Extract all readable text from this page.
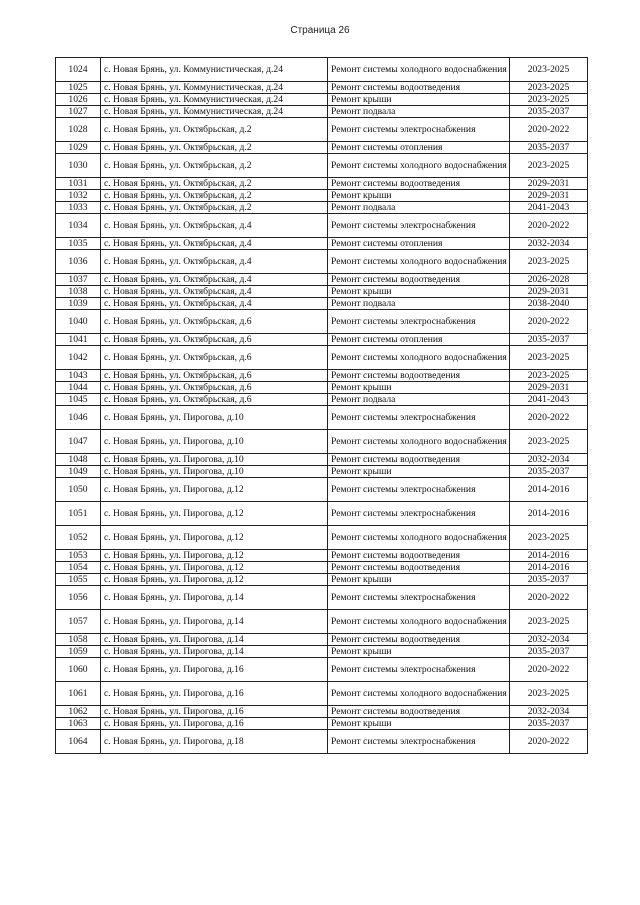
Страница 26
1024	с. Новая Брянь, ул. Коммунистическая, д.24	Ремонт системы холодного водоснабжения	2023-2025
1025	с. Новая Брянь, ул. Коммунистическая, д.24	Ремонт системы водоотведения	2023-2025
1026	с. Новая Брянь, ул. Коммунистическая, д.24	Ремонт крыши	2023-2025
1027	с. Новая Брянь, ул. Коммунистическая, д.24	Ремонт подвала	2035-2037
1028	с. Новая Брянь, ул. Октябрьская, д.2	Ремонт системы электроснабжения	2020-2022
1029	с. Новая Брянь, ул. Октябрьская, д.2	Ремонт системы отопления	2035-2037
1030	с. Новая Брянь, ул. Октябрьская, д.2	Ремонт системы холодного водоснабжения	2023-2025
1031	с. Новая Брянь, ул. Октябрьская, д.2	Ремонт системы водоотведения	2029-2031
1032	с. Новая Брянь, ул. Октябрьская, д.2	Ремонт крыши	2029-2031
1033	с. Новая Брянь, ул. Октябрьская, д.2	Ремонт подвала	2041-2043
1034	с. Новая Брянь, ул. Октябрьская, д.4	Ремонт системы электроснабжения	2020-2022
1035	с. Новая Брянь, ул. Октябрьская, д.4	Ремонт системы отопления	2032-2034
1036	с. Новая Брянь, ул. Октябрьская, д.4	Ремонт системы холодного водоснабжения	2023-2025
1037	с. Новая Брянь, ул. Октябрьская, д.4	Ремонт системы водоотведения	2026-2028
1038	с. Новая Брянь, ул. Октябрьская, д.4	Ремонт крыши	2029-2031
1039	с. Новая Брянь, ул. Октябрьская, д.4	Ремонт подвала	2038-2040
1040	с. Новая Брянь, ул. Октябрьская, д.6	Ремонт системы электроснабжения	2020-2022
1041	с. Новая Брянь, ул. Октябрьская, д.6	Ремонт системы отопления	2035-2037
1042	с. Новая Брянь, ул. Октябрьская, д.6	Ремонт системы холодного водоснабжения	2023-2025
1043	с. Новая Брянь, ул. Октябрьская, д.6	Ремонт системы водоотведения	2023-2025
1044	с. Новая Брянь, ул. Октябрьская, д.6	Ремонт крыши	2029-2031
1045	с. Новая Брянь, ул. Октябрьская, д.6	Ремонт подвала	2041-2043
1046	с. Новая Брянь, ул. Пирогова, д.10	Ремонт системы электроснабжения	2020-2022
1047	с. Новая Брянь, ул. Пирогова, д.10	Ремонт системы холодного водоснабжения	2023-2025
1048	с. Новая Брянь, ул. Пирогова, д.10	Ремонт системы водоотведения	2032-2034
1049	с. Новая Брянь, ул. Пирогова, д.10	Ремонт крыши	2035-2037
1050	с. Новая Брянь, ул. Пирогова, д.12	Ремонт системы электроснабжения	2014-2016
1051	с. Новая Брянь, ул. Пирогова, д.12	Ремонт системы электроснабжения	2014-2016
1052	с. Новая Брянь, ул. Пирогова, д.12	Ремонт системы холодного водоснабжения	2023-2025
1053	с. Новая Брянь, ул. Пирогова, д.12	Ремонт системы водоотведения	2014-2016
1054	с. Новая Брянь, ул. Пирогова, д.12	Ремонт системы водоотведения	2014-2016
1055	с. Новая Брянь, ул. Пирогова, д.12	Ремонт крыши	2035-2037
1056	с. Новая Брянь, ул. Пирогова, д.14	Ремонт системы электроснабжения	2020-2022
1057	с. Новая Брянь, ул. Пирогова, д.14	Ремонт системы холодного водоснабжения	2023-2025
1058	с. Новая Брянь, ул. Пирогова, д.14	Ремонт системы водоотведения	2032-2034
1059	с. Новая Брянь, ул. Пирогова, д.14	Ремонт крыши	2035-2037
1060	с. Новая Брянь, ул. Пирогова, д.16	Ремонт системы электроснабжения	2020-2022
1061	с. Новая Брянь, ул. Пирогова, д.16	Ремонт системы холодного водоснабжения	2023-2025
1062	с. Новая Брянь, ул. Пирогова, д.16	Ремонт системы водоотведения	2032-2034
1063	с. Новая Брянь, ул. Пирогова, д.16	Ремонт крыши	2035-2037
1064	с. Новая Брянь, ул. Пирогова, д.18	Ремонт системы электроснабжения	2020-2022
